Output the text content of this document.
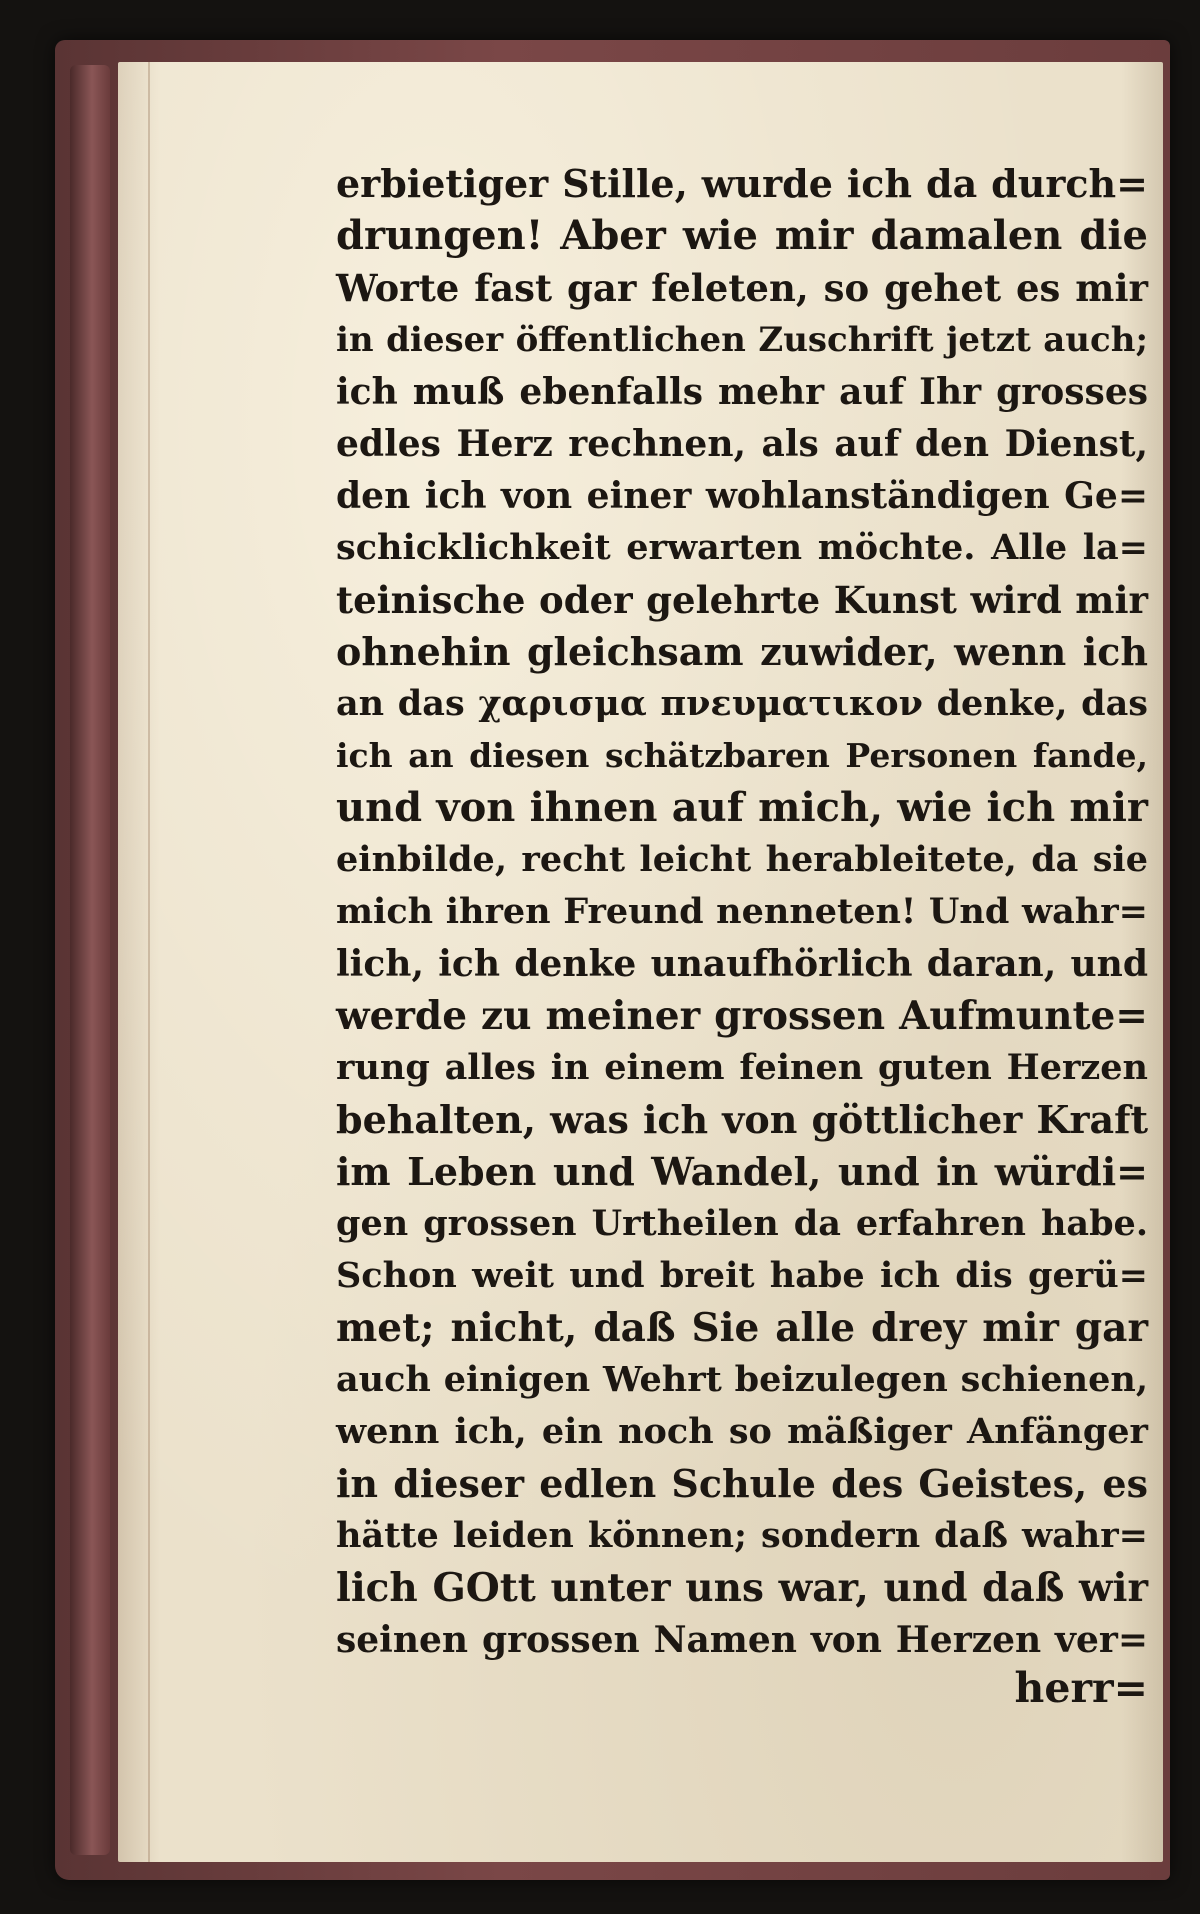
erbietiger Stille, wurde ich da durch=
drungen! Aber wie mir damalen die
Worte fast gar feleten, so gehet es mir
in dieser öffentlichen Zuschrift jetzt auch;
ich muß ebenfalls mehr auf Ihr grosses
edles Herz rechnen, als auf den Dienst,
den ich von einer wohlanständigen Ge=
schicklichkeit erwarten möchte. Alle la=
teinische oder gelehrte Kunst wird mir
ohnehin gleichsam zuwider, wenn ich
an das χαρισμα πνευματικον denke, das
ich an diesen schätzbaren Personen fande,
und von ihnen auf mich, wie ich mir
einbilde, recht leicht herableitete, da sie
mich ihren Freund nenneten! Und wahr=
lich, ich denke unaufhörlich daran, und
werde zu meiner grossen Aufmunte=
rung alles in einem feinen guten Herzen
behalten, was ich von göttlicher Kraft
im Leben und Wandel, und in würdi=
gen grossen Urtheilen da erfahren habe.
Schon weit und breit habe ich dis gerü=
met; nicht, daß Sie alle drey mir gar
auch einigen Wehrt beizulegen schienen,
wenn ich, ein noch so mäßiger Anfänger
in dieser edlen Schule des Geistes, es
hätte leiden können; sondern daß wahr=
lich GOtt unter uns war, und daß wir
seinen grossen Namen von Herzen ver=
herr=
